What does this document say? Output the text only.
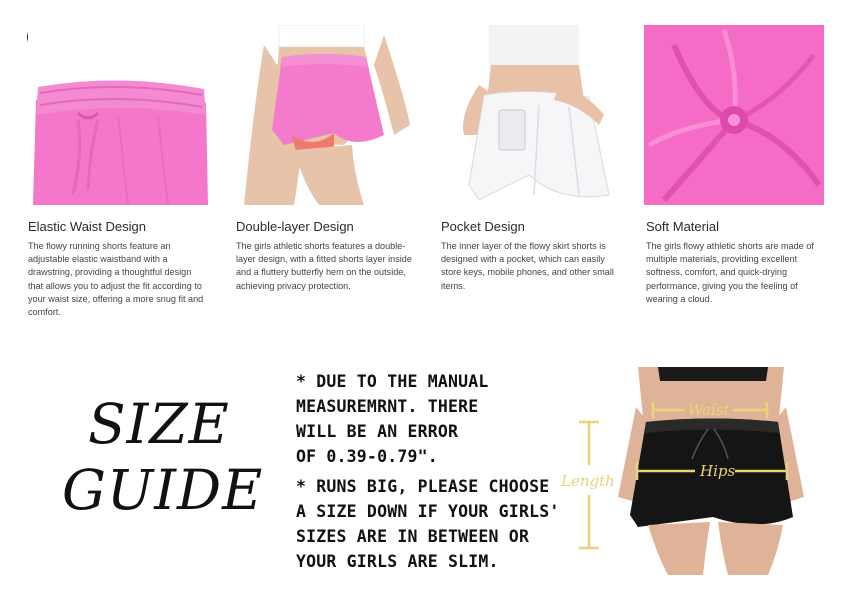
Elastic Waist Design
The flowy running shorts feature an adjustable elastic waistband with a drawstring, providing a thoughtful design that allows you to adjust the fit according to your waist size, offering a more snug fit and comfort.
Double-layer Design
The girls athletic shorts features a double-layer design, with a fitted shorts layer inside and a fluttery butterfly hem on the outside, achieving privacy protection.
Pocket Design
The inner layer of the flowy skirt shorts is designed with a pocket, which can easily store keys, mobile phones, and other small items.
Soft Material
The girls flowy athletic shorts are made of multiple materials, providing excellent softness, comfort, and quick-drying performance, giving you the feeling of wearing a cloud.
SIZE
GUIDE
* DUE TO THE MANUAL
MEASUREMRNT. THERE
WILL BE AN ERROR
OF 0.39-0.79".
* RUNS BIG, PLEASE CHOOSE
A SIZE DOWN IF YOUR GIRLS'
SIZES ARE IN BETWEEN OR
YOUR GIRLS ARE SLIM.
Waist
Hips
Length
